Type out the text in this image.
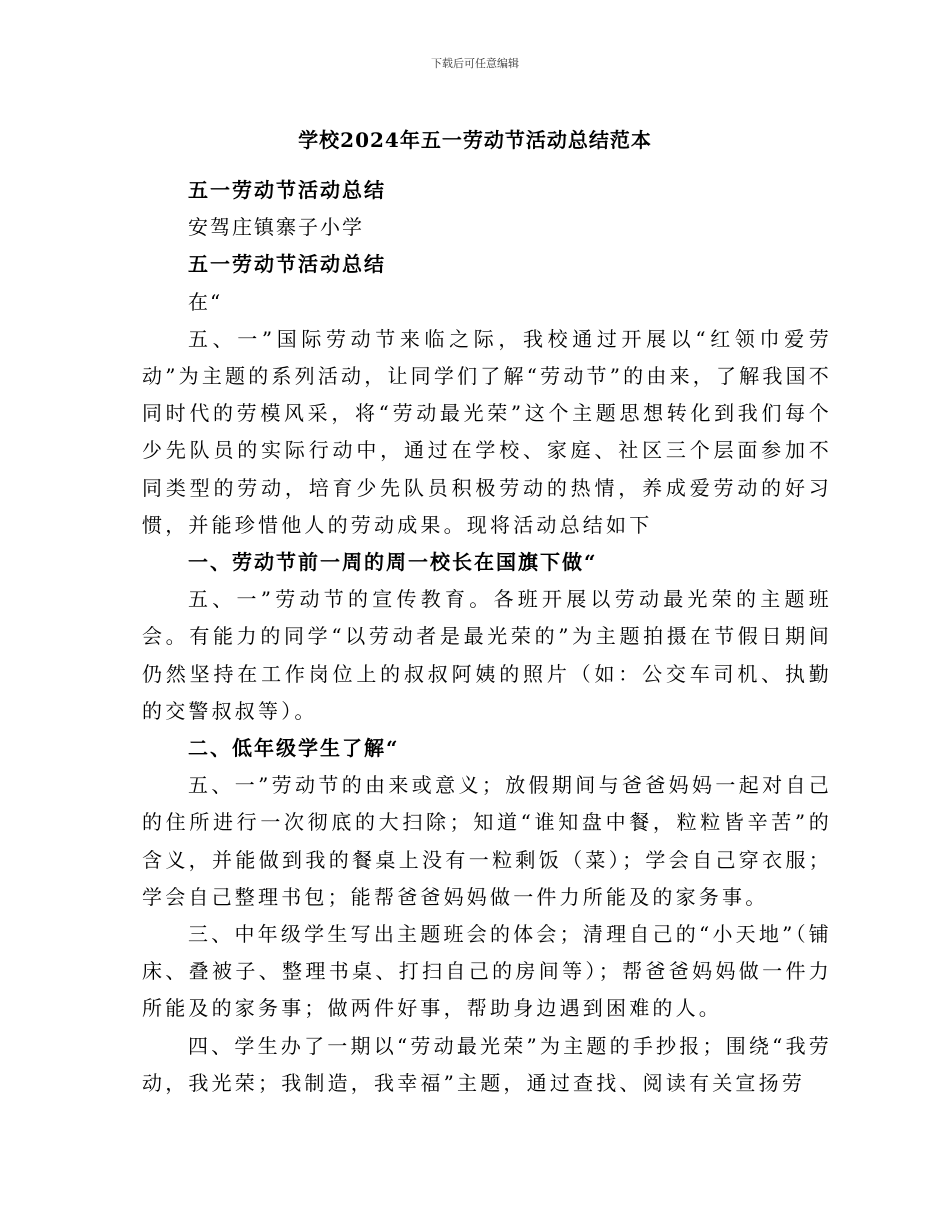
下载后可任意编辑
学校2024年五一劳动节活动总结范本

五一劳动节活动总结

安驾庄镇寨子小学

五一劳动节活动总结

在“

五、一”国际劳动节来临之际，我校通过开展以“红领巾爱劳动”为主题的系列活动，让同学们了解“劳动节”的由来，了解我国不同时代的劳模风采，将“劳动最光荣”这个主题思想转化到我们每个少先队员的实际行动中，通过在学校、家庭、社区三个层面参加不同类型的劳动，培育少先队员积极劳动的热情，养成爱劳动的好习惯，并能珍惜他人的劳动成果。现将活动总结如下

一、劳动节前一周的周一校长在国旗下做“

五、一”劳动节的宣传教育。各班开展以劳动最光荣的主题班会。有能力的同学“以劳动者是最光荣的”为主题拍摄在节假日期间仍然坚持在工作岗位上的叔叔阿姨的照片（如：公交车司机、执勤的交警叔叔等）。

二、低年级学生了解“

五、一”劳动节的由来或意义；放假期间与爸爸妈妈一起对自己的住所进行一次彻底的大扫除；知道“谁知盘中餐，粒粒皆辛苦”的含义，并能做到我的餐桌上没有一粒剩饭（菜）；学会自己穿衣服；学会自己整理书包；能帮爸爸妈妈做一件力所能及的家务事。

三、中年级学生写出主题班会的体会；清理自己的“小天地”（铺床、叠被子、整理书桌、打扫自己的房间等）；帮爸爸妈妈做一件力所能及的家务事；做两件好事，帮助身边遇到困难的人。

四、学生办了一期以“劳动最光荣”为主题的手抄报；围绕“我劳动，我光荣；我制造，我幸福”主题，通过查找、阅读有关宣扬劳
